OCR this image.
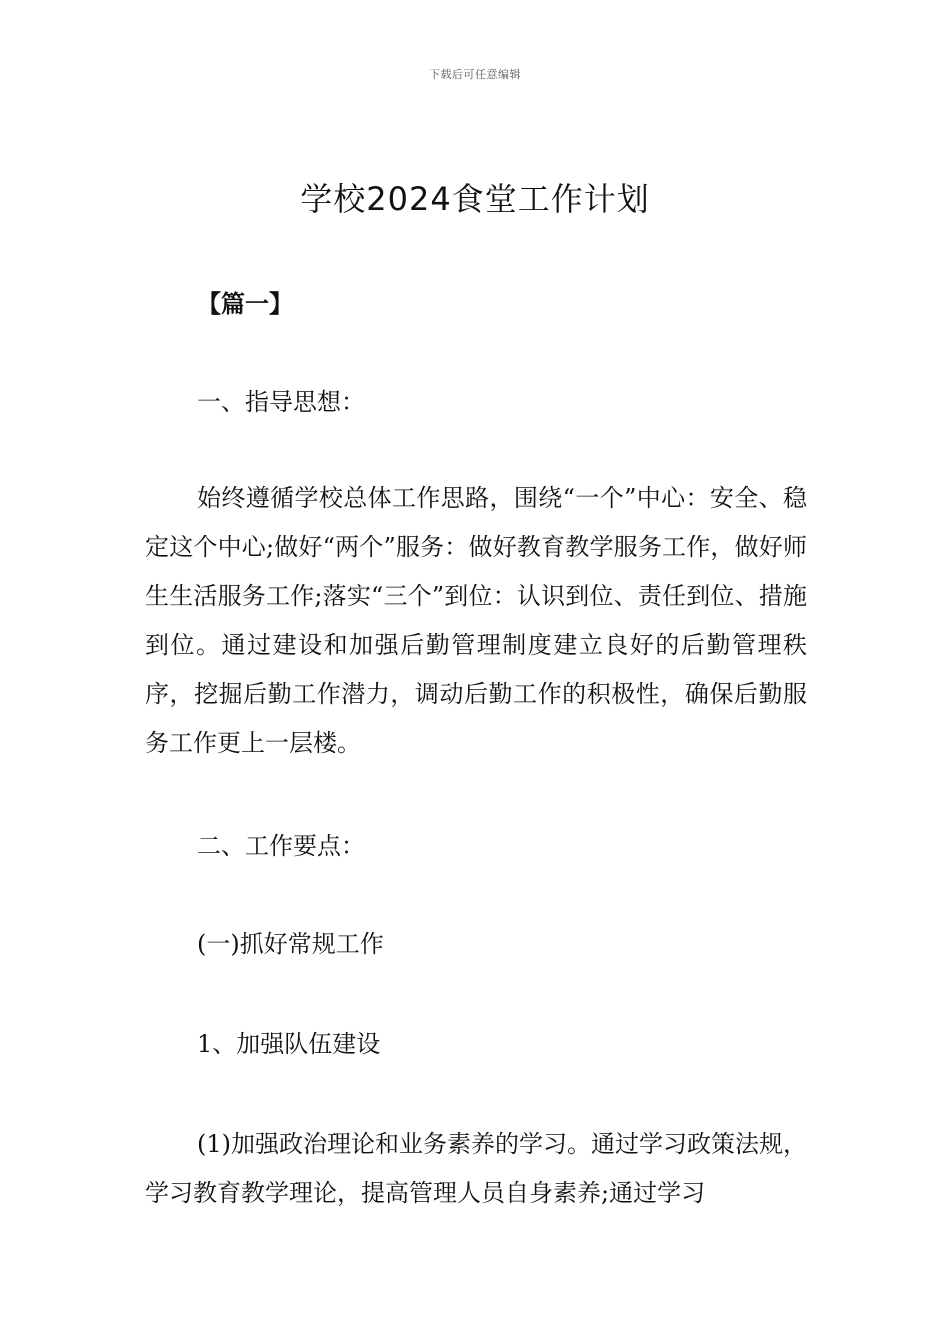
下载后可任意编辑
学校2024食堂工作计划

【篇一】

一、指导思想：

始终遵循学校总体工作思路，围绕“一个”中心：安全、稳定这个中心;做好“两个”服务：做好教育教学服务工作，做好师生生活服务工作;落实“三个”到位：认识到位、责任到位、措施到位。通过建设和加强后勤管理制度建立良好的后勤管理秩序，挖掘后勤工作潜力，调动后勤工作的积极性，确保后勤服务工作更上一层楼。

二、工作要点：

(一)抓好常规工作

1、加强队伍建设

(1)加强政治理论和业务素养的学习。通过学习政策法规，学习教育教学理论，提高管理人员自身素养;通过学习
